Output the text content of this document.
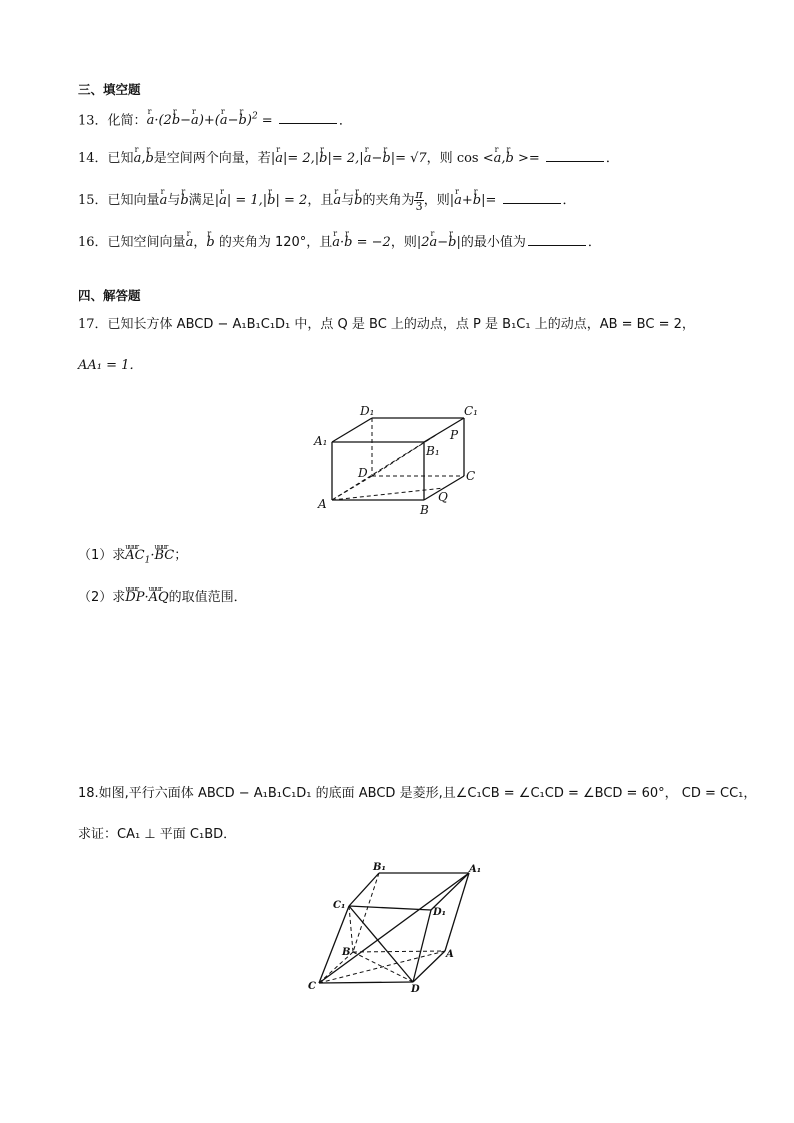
三、填空题
13．化简：r a·(2r b−r a)+(r a−r b)$^2$ =	．
14．已知r a,r b是空间两个向量，若|r a|= 2,|r b|= 2,|r a−r b|= √7，则 cos <r a,r b >=	．
15．已知向量r a与r b满足|r a| = 1,|r b| = 2，且r a与r b的夹角为 $\frac{\pi}{3}$ ，则|r a+r b|=	．
16．已知空间向量r a，r b 的夹角为 120°，且r a·r b = −2，则|2r a−r b|的最小值为	．
四、解答题
17．已知长方体 ABCD − A₁B₁C₁D₁ 中，点 Q 是 BC 上的动点，点 P 是 B₁C₁ 上的动点，AB = BC = 2，
AA₁ = 1．
D₁	C₁
A₁	P
B₁
D	C
A	B
Q
（1）求uuur $AC_1\cdot uuur$ BC；
（2）求uuur DP·uuur AQ的取值范围．
18.如图,平行六面体 ABCD − A₁B₁C₁D₁ 的底面 ABCD 是菱形,且∠C₁CB = ∠C₁CD = ∠BCD = 60°， CD = CC₁，
求证：CA₁ ⊥ 平面 C₁BD．
B₁	A₁
C₁
D₁
B	A
C	D
